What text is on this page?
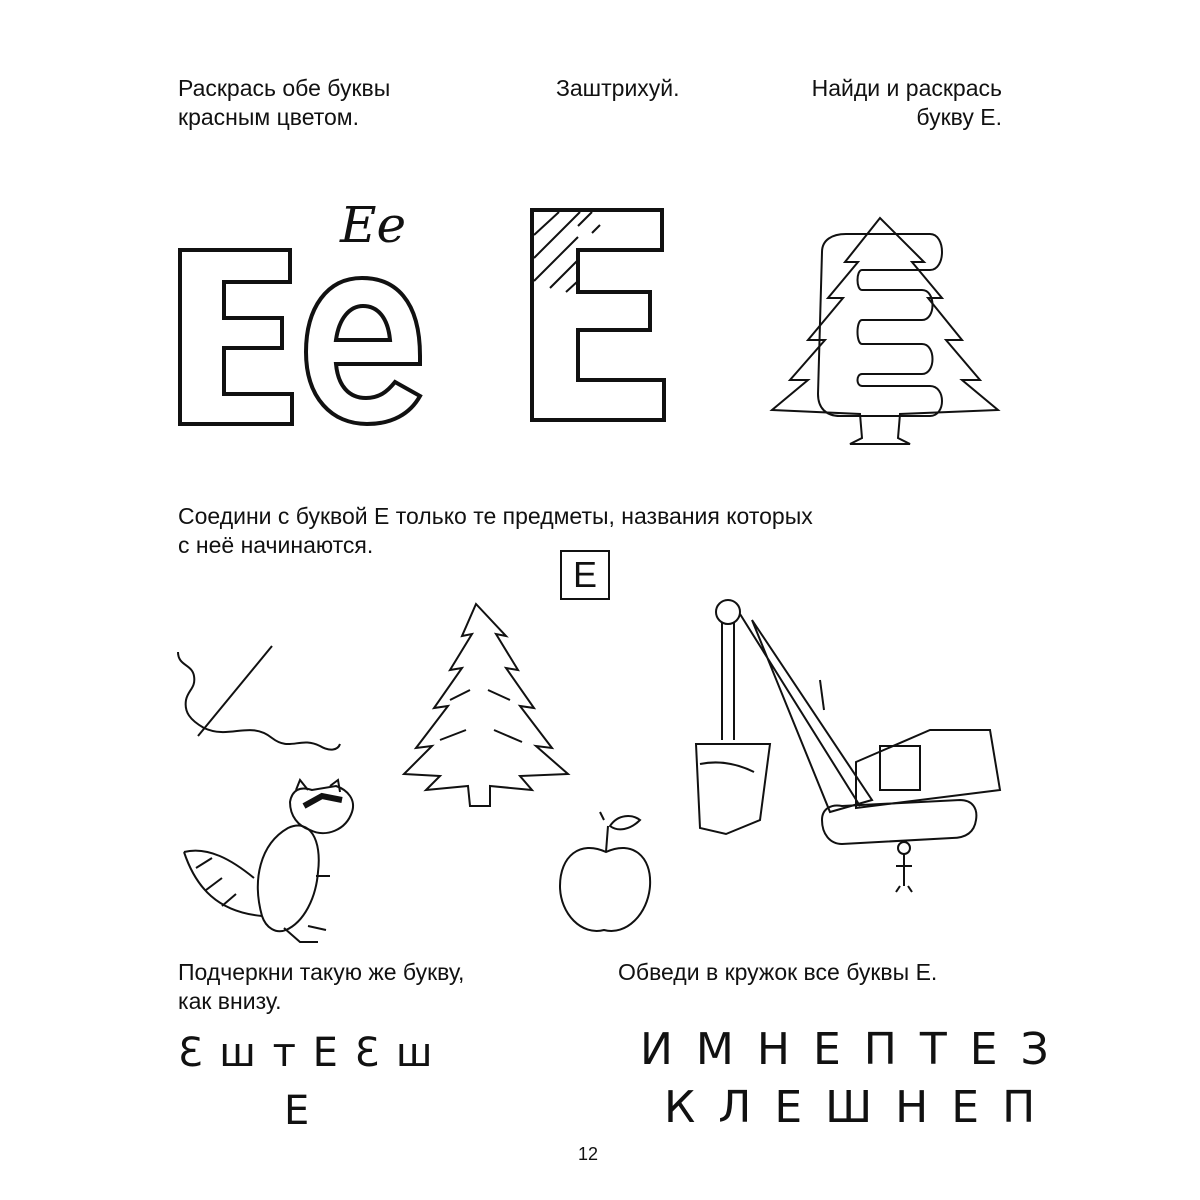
Раскрась обе буквы
красным цветом.
Заштрихуй.	Найди и раскрась
букву Е.
Ee
Соедини с буквой Е только те предметы, названия которых
с неё начинаются.
Е
Подчеркни такую же букву,
как внизу.
Ɛ ш т Е Ɛ ш
Е
Обведи в кружок все буквы Е.
ИМНЕПТЕЗ
КЛЕШНЕП
12
